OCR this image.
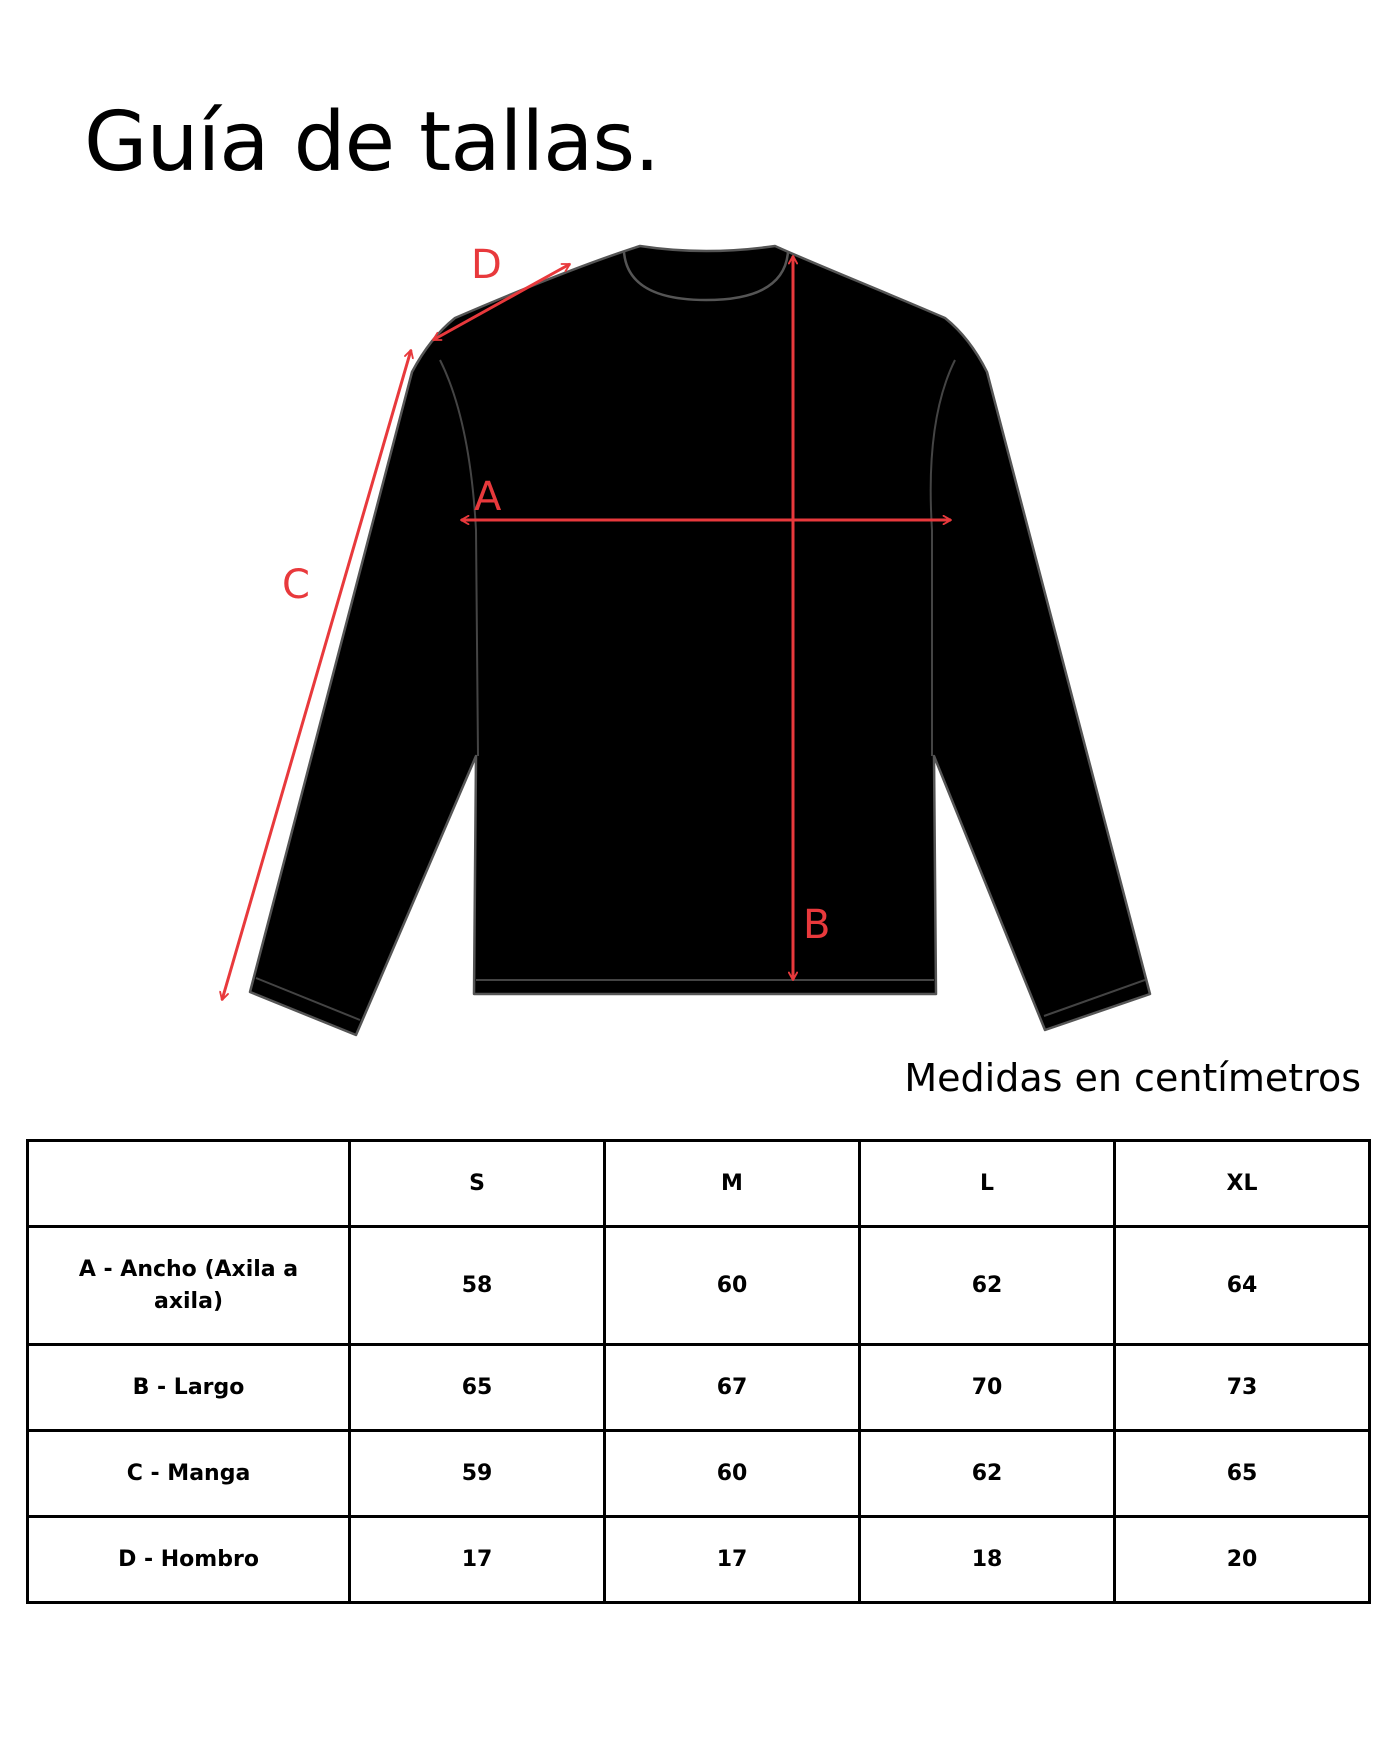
Guía de tallas.
A
B
C
D
Medidas en centímetros
	S	M	L	XL
A - Ancho (Axila a axila)	58	60	62	64
B - Largo	65	67	70	73
C - Manga	59	60	62	65
D - Hombro	17	17	18	20
